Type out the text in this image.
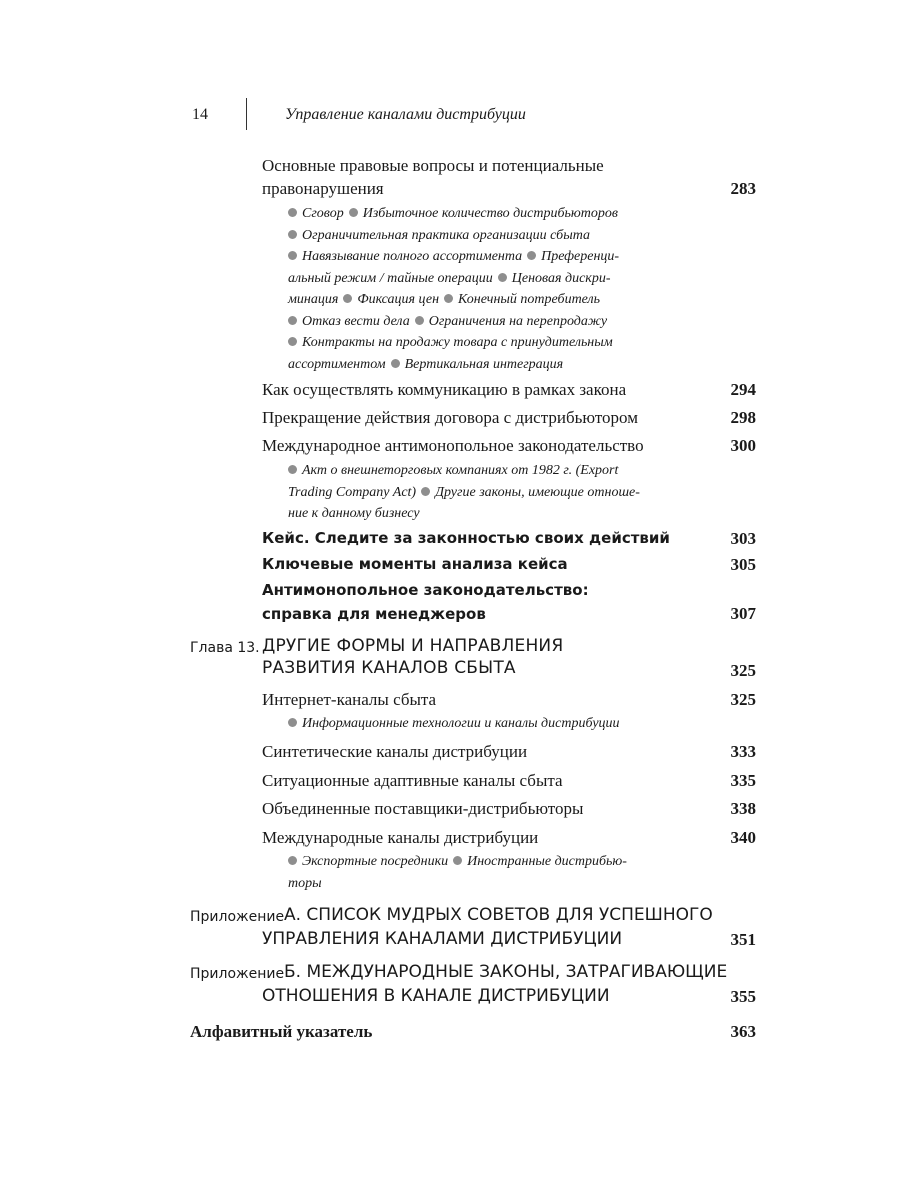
14	Управление каналами дистрибуции
Основные правовые вопросы и потенциальные
правонарушения	283
Сговор Избыточное количество дистрибьюторов
Ограничительная практика организации сбыта
Навязывание полного ассортимента Преференци-
альный режим / тайные операции Ценовая дискри-
минация Фиксация цен Конечный потребитель
Отказ вести дела Ограничения на перепродажу
Контракты на продажу товара с принудительным
ассортиментом Вертикальная интеграция
Как осуществлять коммуникацию в рамках закона	294
Прекращение действия договора с дистрибьютором	298
Международное антимонопольное законодательство	300
Акт о внешнеторговых компаниях от 1982 г. (Export
Trading Company Act) Другие законы, имеющие отноше-
ние к данному бизнесу
Кейс. Следите за законностью своих действий	303
Ключевые моменты анализа кейса	305
Антимонопольное законодательство:
справка для менеджеров	307
Глава 13. ДРУГИЕ ФОРМЫ И НАПРАВЛЕНИЯ
РАЗВИТИЯ КАНАЛОВ СБЫТА	325
Интернет-каналы сбыта	325
Информационные технологии и каналы дистрибуции
Синтетические каналы дистрибуции	333
Ситуационные адаптивные каналы сбыта	335
Объединенные поставщики-дистрибьюторы	338
Международные каналы дистрибуции	340
Экспортные посредники Иностранные дистрибью-
торы
Приложение А. СПИСОК МУДРЫХ СОВЕТОВ ДЛЯ УСПЕШНОГО
УПРАВЛЕНИЯ КАНАЛАМИ ДИСТРИБУЦИИ	351
Приложение Б. МЕЖДУНАРОДНЫЕ ЗАКОНЫ, ЗАТРАГИВАЮЩИЕ
ОТНОШЕНИЯ В КАНАЛЕ ДИСТРИБУЦИИ	355
Алфавитный указатель	363
